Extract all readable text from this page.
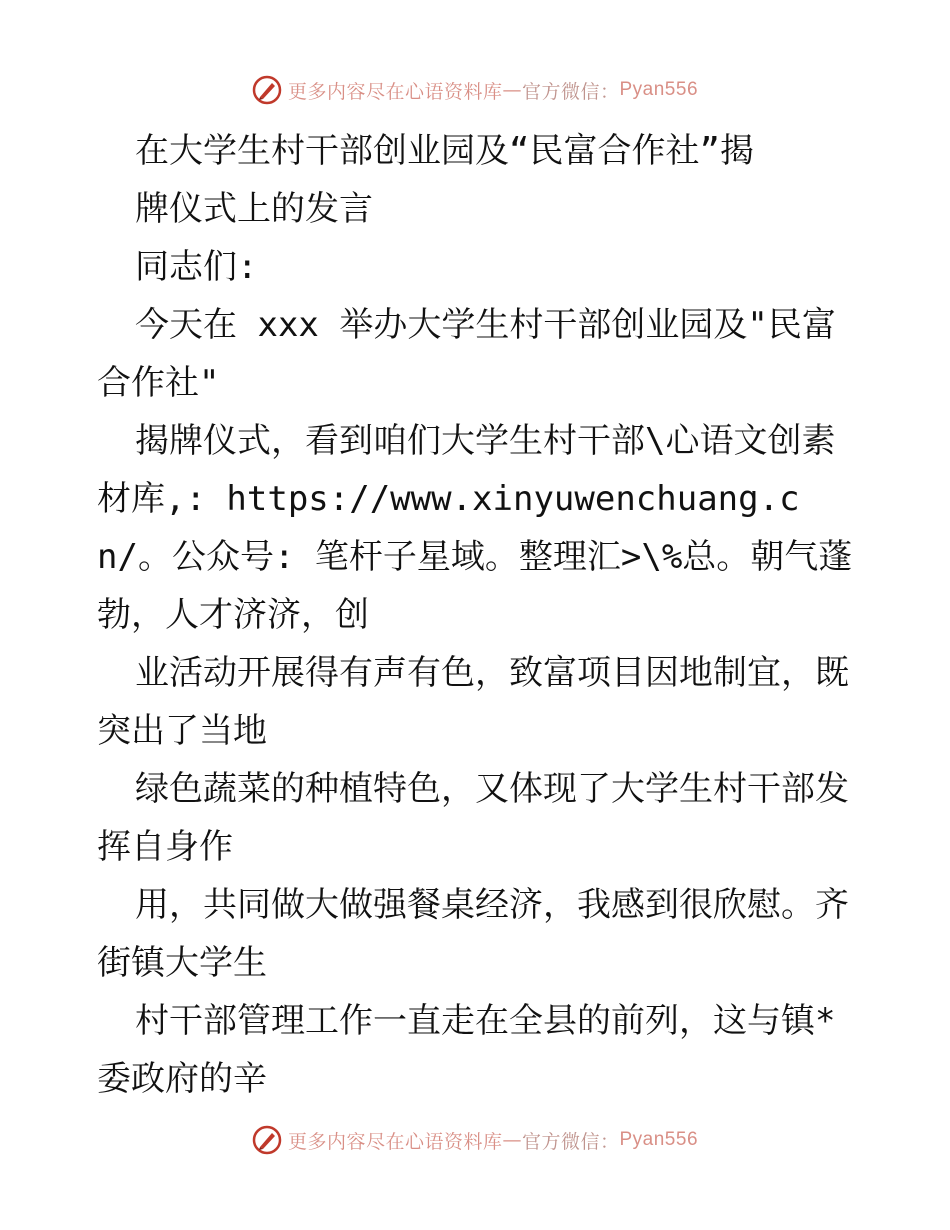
更多内容尽在心语资料库 — 官方微信： Pyan556

在大学生村干部创业园及“民富合作社”揭

牌仪式上的发言

同志们:

今天在 xxx 举办大学生村干部创业园及"民富合作社"

揭牌仪式，看到咱们大学生村干部\心语文创素材库,: https://www.xinyuwenchuang.cn/。公众号: 笔杆子星域。整理汇>\%总。朝气蓬勃，人才济济，创

业活动开展得有声有色，致富项目因地制宜，既突出了当地

绿色蔬菜的种植特色，又体现了大学生村干部发挥自身作

用，共同做大做强餐桌经济，我感到很欣慰。齐街镇大学生

村干部管理工作一直走在全县的前列，这与镇*委政府的辛

更多内容尽在心语资料库 — 官方微信： Pyan556
